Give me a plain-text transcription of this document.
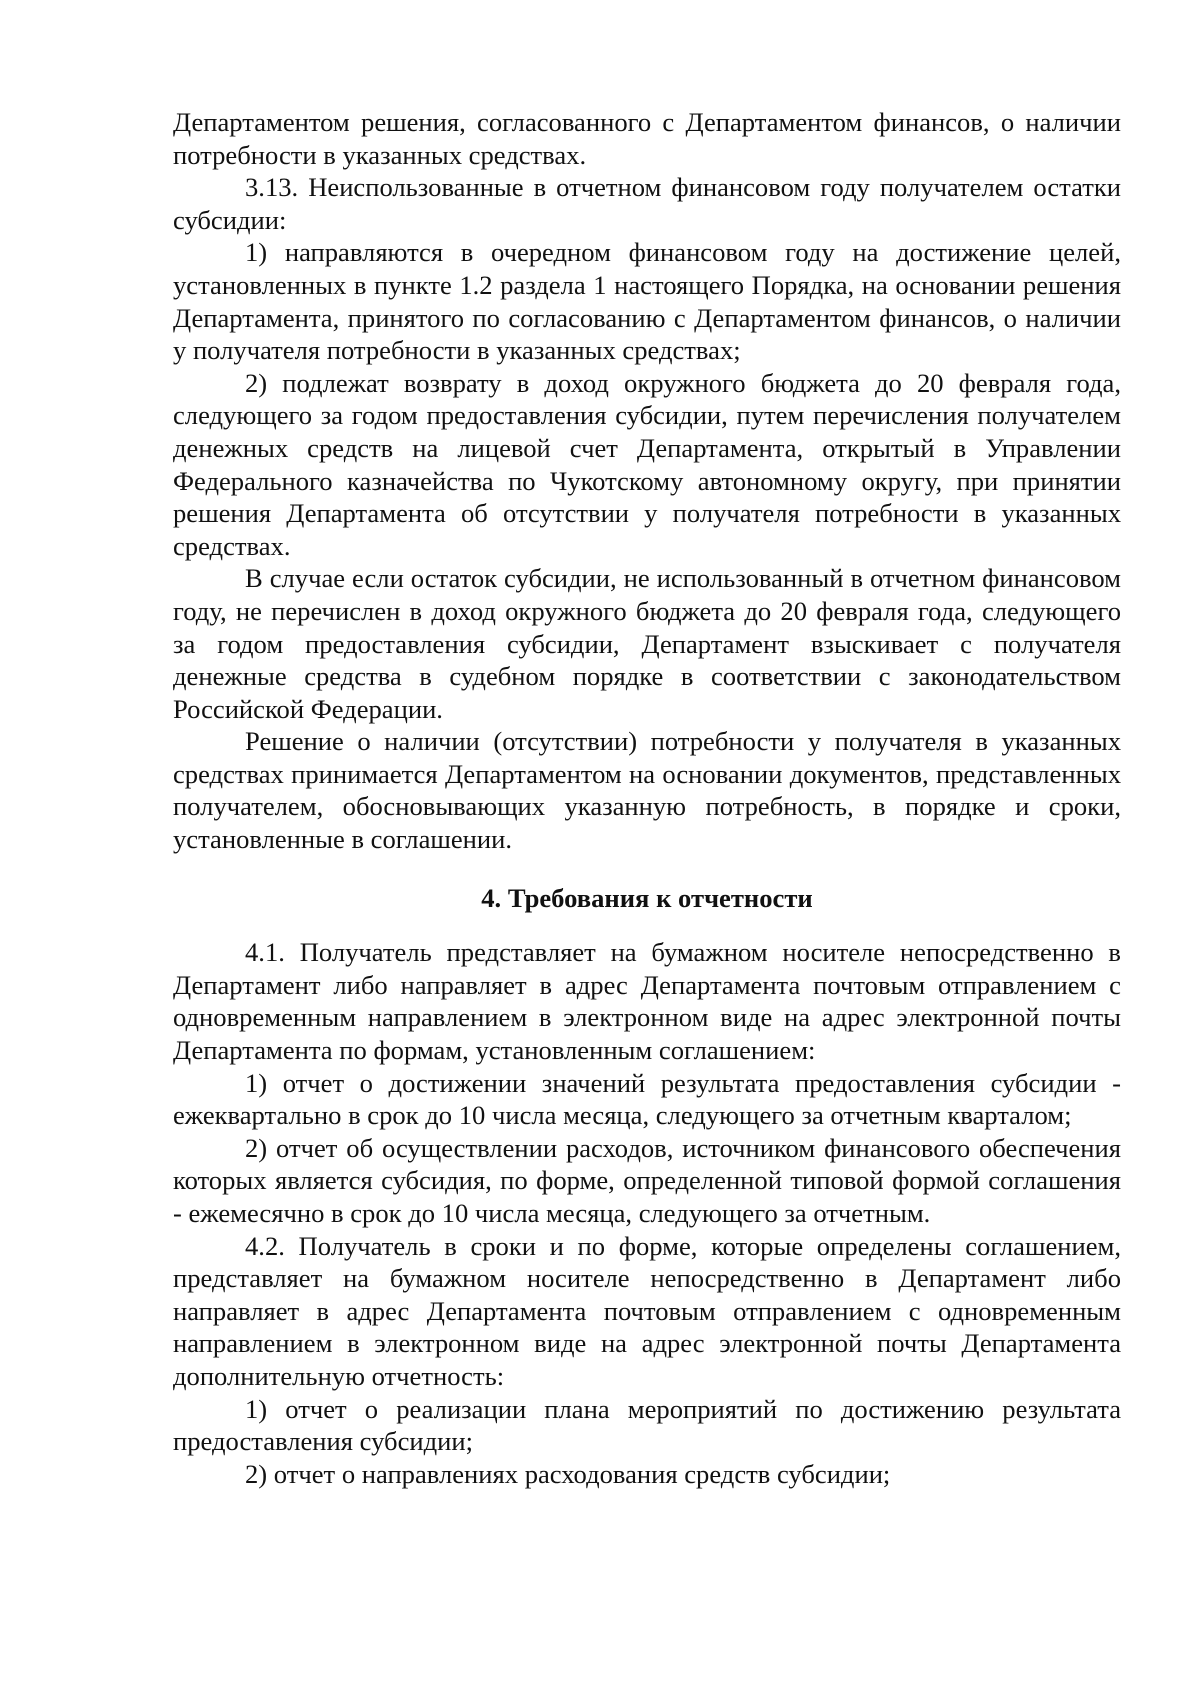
Департаментом решения, согласованного с Департаментом финансов, о наличии потребности в указанных средствах.

3.13. Неиспользованные в отчетном финансовом году получателем остатки субсидии:

1) направляются в очередном финансовом году на достижение целей, установленных в пункте 1.2 раздела 1 настоящего Порядка, на основании решения Департамента, принятого по согласованию с Департаментом финансов, о наличии у получателя потребности в указанных средствах;

2) подлежат возврату в доход окружного бюджета до 20 февраля года, следующего за годом предоставления субсидии, путем перечисления получателем денежных средств на лицевой счет Департамента, открытый в Управлении Федерального казначейства по Чукотскому автономному округу, при принятии решения Департамента об отсутствии у получателя потребности в указанных средствах.

В случае если остаток субсидии, не использованный в отчетном финансовом году, не перечислен в доход окружного бюджета до 20 февраля года, следующего за годом предоставления субсидии, Департамент взыскивает с получателя денежные средства в судебном порядке в соответствии с законодательством Российской Федерации.

Решение о наличии (отсутствии) потребности у получателя в указанных средствах принимается Департаментом на основании документов, представленных получателем, обосновывающих указанную потребность, в порядке и сроки, установленные в соглашении.

4. Требования к отчетности

4.1. Получатель представляет на бумажном носителе непосредственно в Департамент либо направляет в адрес Департамента почтовым отправлением с одновременным направлением в электронном виде на адрес электронной почты Департамента по формам, установленным соглашением:

1) отчет о достижении значений результата предоставления субсидии - ежеквартально в срок до 10 числа месяца, следующего за отчетным кварталом;

2) отчет об осуществлении расходов, источником финансового обеспечения которых является субсидия, по форме, определенной типовой формой соглашения - ежемесячно в срок до 10 числа месяца, следующего за отчетным.

4.2. Получатель в сроки и по форме, которые определены соглашением, представляет на бумажном носителе непосредственно в Департамент либо направляет в адрес Департамента почтовым отправлением с одновременным направлением в электронном виде на адрес электронной почты Департамента дополнительную отчетность:

1) отчет о реализации плана мероприятий по достижению результата предоставления субсидии;

2) отчет о направлениях расходования средств субсидии;
